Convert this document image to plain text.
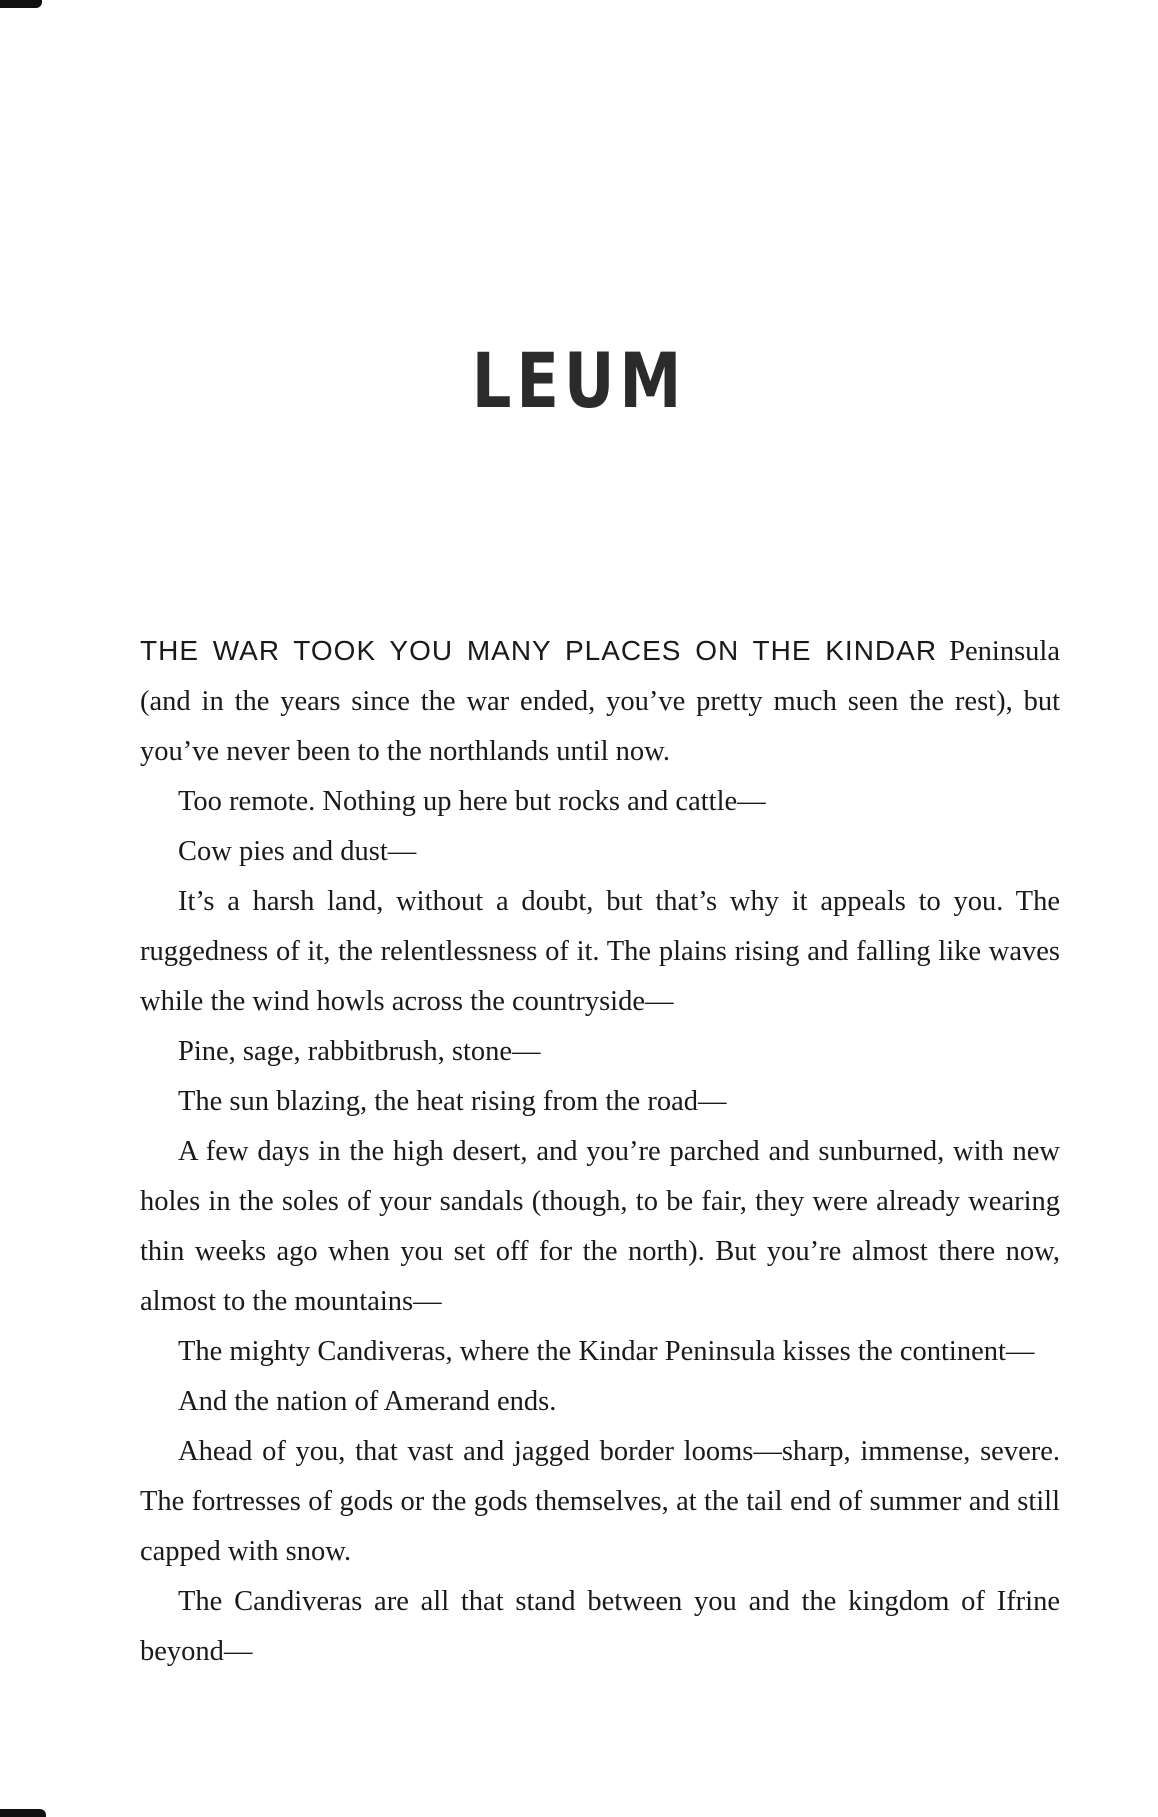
LEUM

THE WAR TOOK YOU MANY PLACES ON THE KINDAR Peninsula (and in the years since the war ended, you’ve pretty much seen the rest), but you’ve never been to the northlands until now.

Too remote. Nothing up here but rocks and cattle—

Cow pies and dust—

It’s a harsh land, without a doubt, but that’s why it appeals to you. The ruggedness of it, the relentlessness of it. The plains rising and falling like waves while the wind howls across the countryside—

Pine, sage, rabbitbrush, stone—

The sun blazing, the heat rising from the road—

A few days in the high desert, and you’re parched and sunburned, with new holes in the soles of your sandals (though, to be fair, they were already wearing thin weeks ago when you set off for the north). But you’re almost there now, almost to the mountains—

The mighty Candiveras, where the Kindar Peninsula kisses the continent—

And the nation of Amerand ends.

Ahead of you, that vast and jagged border looms—sharp, immense, severe. The fortresses of gods or the gods themselves, at the tail end of summer and still capped with snow.

The Candiveras are all that stand between you and the kingdom of Ifrine beyond—
